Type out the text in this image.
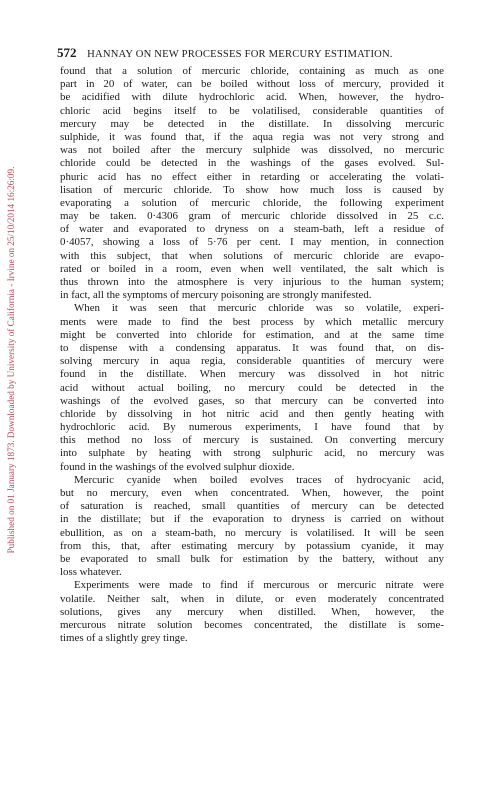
Published on 01 January 1873. Downloaded by University of California - Irvine on 25/10/2014 16:26:09.
572 HANNAY ON NEW PROCESSES FOR MERCURY ESTIMATION.
found that a solution of mercuric chloride, containing as much as one
part in 20 of water, can be boiled without loss of mercury, provided it
be acidified with dilute hydrochloric acid. When, however, the hydro-
chloric acid begins itself to be volatilised, considerable quantities of
mercury may be detected in the distillate. In dissolving mercuric
sulphide, it was found that, if the aqua regia was not very strong and
was not boiled after the mercury sulphide was dissolved, no mercuric
chloride could be detected in the washings of the gases evolved. Sul-
phuric acid has no effect either in retarding or accelerating the volati-
lisation of mercuric chloride. To show how much loss is caused by
evaporating a solution of mercuric chloride, the following experiment
may be taken. 0·4306 gram of mercuric chloride dissolved in 25 c.c.
of water and evaporated to dryness on a steam-bath, left a residue of
0·4057, showing a loss of 5·76 per cent. I may mention, in connection
with this subject, that when solutions of mercuric chloride are evapo-
rated or boiled in a room, even when well ventilated, the salt which is
thus thrown into the atmosphere is very injurious to the human system;
in fact, all the symptoms of mercury poisoning are strongly manifested.
When it was seen that mercuric chloride was so volatile, experi-
ments were made to find the best process by which metallic mercury
might be converted into chloride for estimation, and at the same time
to dispense with a condensing apparatus. It was found that, on dis-
solving mercury in aqua regia, considerable quantities of mercury were
found in the distillate. When mercury was dissolved in hot nitric
acid without actual boiling, no mercury could be detected in the
washings of the evolved gases, so that mercury can be converted into
chloride by dissolving in hot nitric acid and then gently heating with
hydrochloric acid. By numerous experiments, I have found that by
this method no loss of mercury is sustained. On converting mercury
into sulphate by heating with strong sulphuric acid, no mercury was
found in the washings of the evolved sulphur dioxide.
Mercuric cyanide when boiled evolves traces of hydrocyanic acid,
but no mercury, even when concentrated. When, however, the point
of saturation is reached, small quantities of mercury can be detected
in the distillate; but if the evaporation to dryness is carried on without
ebullition, as on a steam-bath, no mercury is volatilised. It will be seen
from this, that, after estimating mercury by potassium cyanide, it may
be evaporated to small bulk for estimation by the battery, without any
loss whatever.
Experiments were made to find if mercurous or mercuric nitrate were
volatile. Neither salt, when in dilute, or even moderately concentrated
solutions, gives any mercury when distilled. When, however, the
mercurous nitrate solution becomes concentrated, the distillate is some-
times of a slightly grey tinge.
